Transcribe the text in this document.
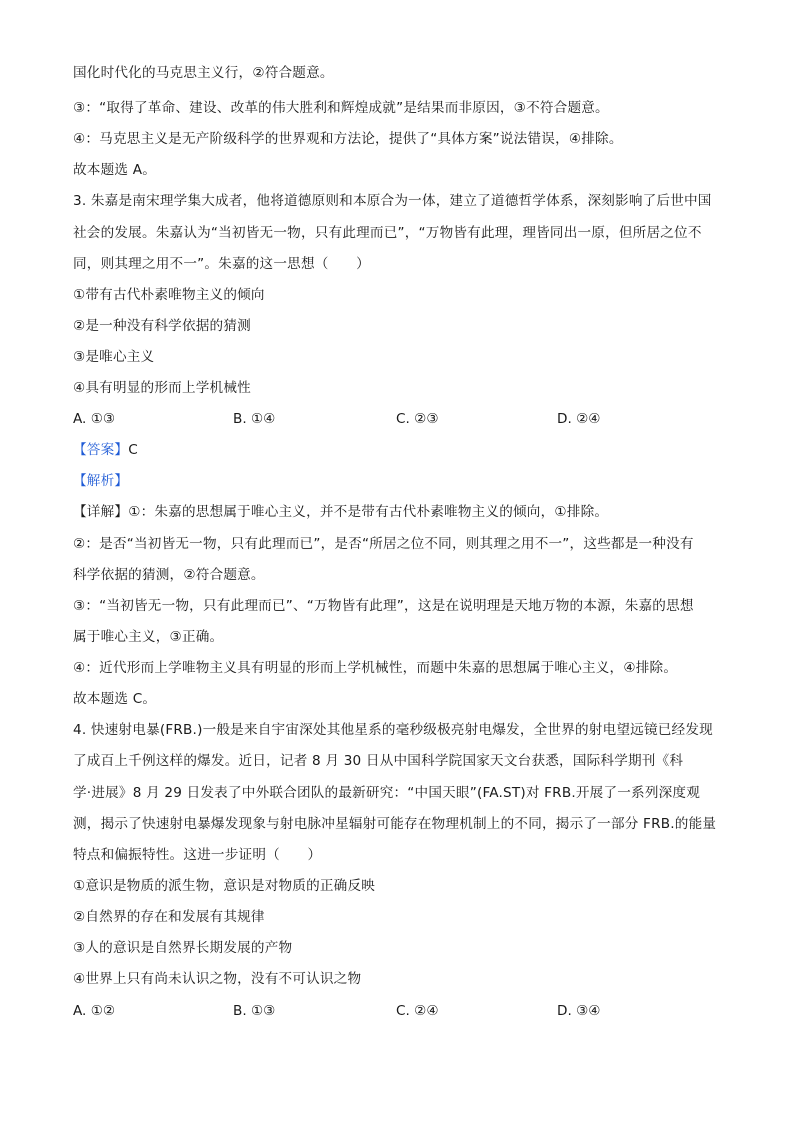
国化时代化的马克思主义行，②符合题意。
③：“取得了革命、建设、改革的伟大胜利和辉煌成就”是结果而非原因，③不符合题意。
④：马克思主义是无产阶级科学的世界观和方法论，提供了“具体方案”说法错误，④排除。
故本题选 A。
3. 朱嘉是南宋理学集大成者，他将道德原则和本原合为一体，建立了道德哲学体系，深刻影响了后世中国
社会的发展。朱嘉认为“当初皆无一物，只有此理而已”，“万物皆有此理，理皆同出一原，但所居之位不
同，则其理之用不一”。朱嘉的这一思想（　　）
①带有古代朴素唯物主义的倾向
②是一种没有科学依据的猜测
③是唯心主义
④具有明显的形而上学机械性
A. ①③	B. ①④	C. ②③	D. ②④
【答案】C
【解析】
【详解】①：朱嘉的思想属于唯心主义，并不是带有古代朴素唯物主义的倾向，①排除。
②：是否“当初皆无一物，只有此理而已”，是否“所居之位不同，则其理之用不一”，这些都是一种没有
科学依据的猜测，②符合题意。
③：“当初皆无一物，只有此理而已”、“万物皆有此理”，这是在说明理是天地万物的本源，朱嘉的思想
属于唯心主义，③正确。
④：近代形而上学唯物主义具有明显的形而上学机械性，而题中朱嘉的思想属于唯心主义，④排除。
故本题选 C。
4. 快速射电暴(FRB.)一般是来自宇宙深处其他星系的毫秒级极亮射电爆发，全世界的射电望远镜已经发现
了成百上千例这样的爆发。近日，记者 8 月 30 日从中国科学院国家天文台获悉，国际科学期刊《科
学·进展》8 月 29 日发表了中外联合团队的最新研究：“中国天眼”(FA.ST)对 FRB.开展了一系列深度观
测，揭示了快速射电暴爆发现象与射电脉冲星辐射可能存在物理机制上的不同，揭示了一部分 FRB.的能量
特点和偏振特性。这进一步证明（　　）
①意识是物质的派生物，意识是对物质的正确反映
②自然界的存在和发展有其规律
③人的意识是自然界长期发展的产物
④世界上只有尚未认识之物，没有不可认识之物
A. ①②	B. ①③	C. ②④	D. ③④
